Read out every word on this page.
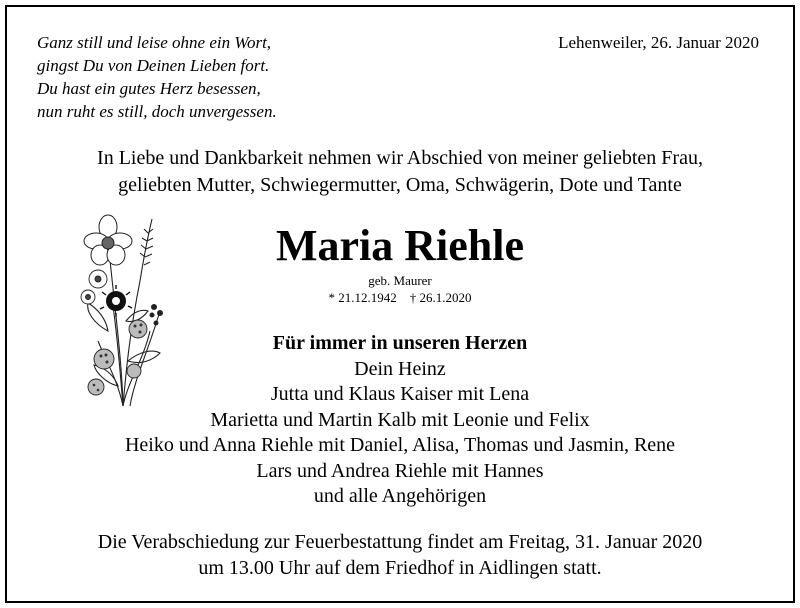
Ganz still und leise ohne ein Wort,
gingst Du von Deinen Lieben fort.
Du hast ein gutes Herz besessen,
nun ruht es still, doch unvergessen.
Lehenweiler, 26. Januar 2020
In Liebe und Dankbarkeit nehmen wir Abschied von meiner geliebten Frau,
geliebten Mutter, Schwiegermutter, Oma, Schwägerin, Dote und Tante
Maria Riehle
geb. Maurer
* 21.12.1942    † 26.1.2020
Für immer in unseren Herzen
Dein Heinz
Jutta und Klaus Kaiser mit Lena
Marietta und Martin Kalb mit Leonie und Felix
Heiko und Anna Riehle mit Daniel, Alisa, Thomas und Jasmin, Rene
Lars und Andrea Riehle mit Hannes
und alle Angehörigen
Die Verabschiedung zur Feuerbestattung findet am Freitag, 31. Januar 2020
um 13.00 Uhr auf dem Friedhof in Aidlingen statt.
